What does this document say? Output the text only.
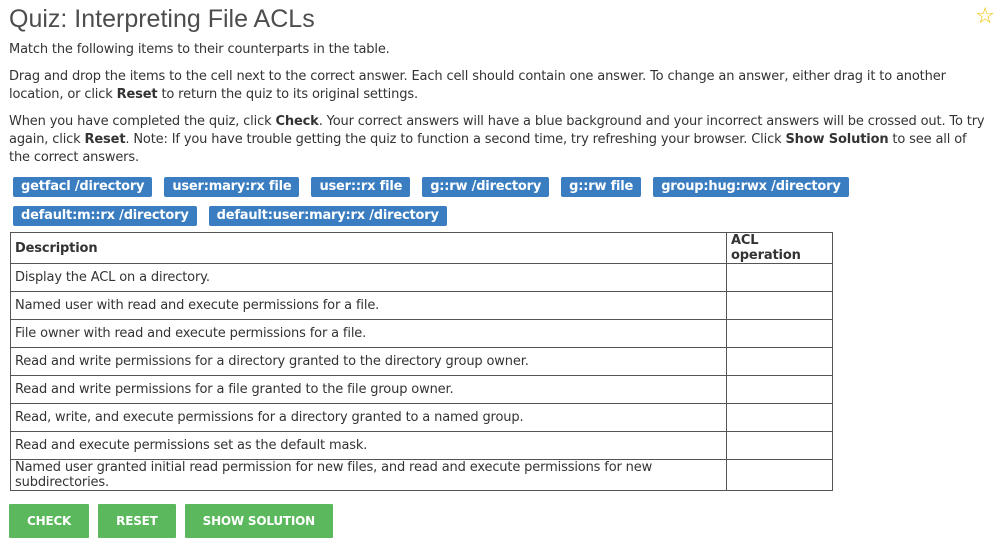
Quiz: Interpreting File ACLs	☆

Match the following items to their counterparts in the table.

Drag and drop the items to the cell next to the correct answer. Each cell should contain one answer. To change an answer, either drag it to another location, or click Reset to return the quiz to its original settings.

When you have completed the quiz, click Check. Your correct answers will have a blue background and your incorrect answers will be crossed out. To try again, click Reset. Note: If you have trouble getting the quiz to function a second time, try refreshing your browser. Click Show Solution to see all of the correct answers.

getfacl /directory	user:mary:rx file	user::rx file	g::rw /directory	g::rw file	group:hug:rwx /directory
default:m::rx /directory	default:user:mary:rx /directory
Description	ACL operation
Display the ACL on a directory.	
Named user with read and execute permissions for a file.	
File owner with read and execute permissions for a file.	
Read and write permissions for a directory granted to the directory group owner.	
Read and write permissions for a file granted to the file group owner.	
Read, write, and execute permissions for a directory granted to a named group.	
Read and execute permissions set as the default mask.	
Named user granted initial read permission for new files, and read and execute permissions for new subdirectories.	
CHECK	RESET	SHOW SOLUTION
